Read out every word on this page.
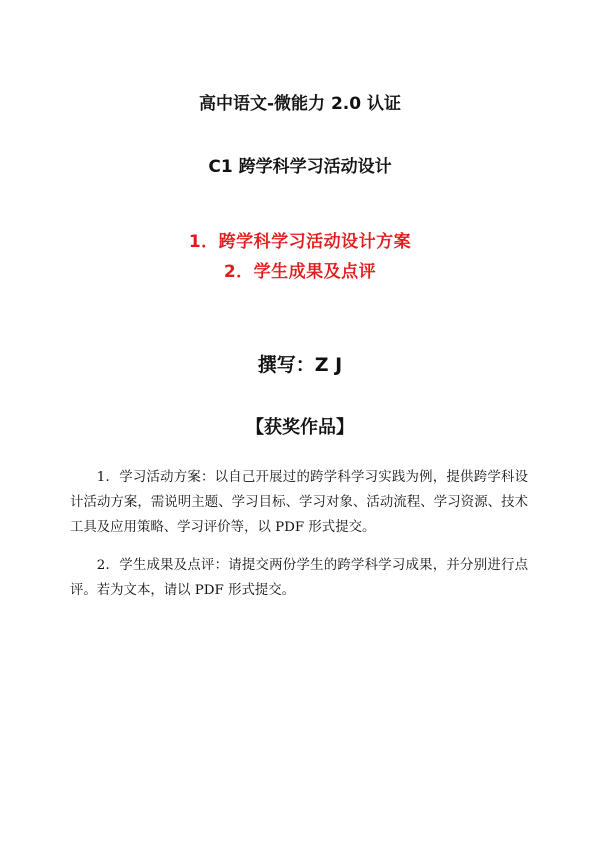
高中语文-微能力 2.0 认证
C1 跨学科学习活动设计
1．跨学科学习活动设计方案
2．学生成果及点评
撰写：Z J
【获奖作品】

1．学习活动方案：以自己开展过的跨学科学习实践为例，提供跨学科设计活动方案，需说明主题、学习目标、学习对象、活动流程、学习资源、技术工具及应用策略、学习评价等，以 PDF 形式提交。

2．学生成果及点评：请提交两份学生的跨学科学习成果，并分别进行点评。若为文本，请以 PDF 形式提交。
